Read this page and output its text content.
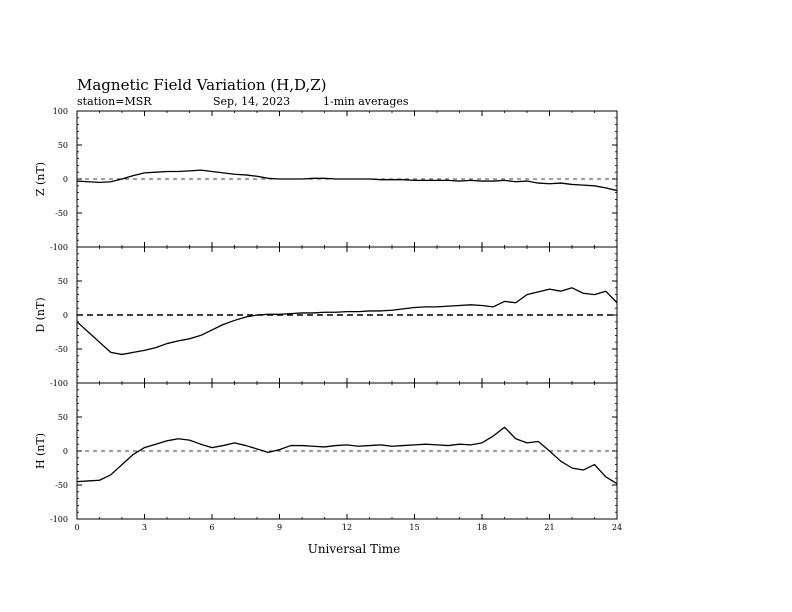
Magnetic Field Variation (H,D,Z)
station=MSR	Sep, 14, 2023	1-min averages
Universal Time
100
50
0
-50
-100
Z (nT)
50
0
-50
-100
D (nT)
50
0
-50
-100
H (nT)
0	3	6	9	12	15	18	21	24
